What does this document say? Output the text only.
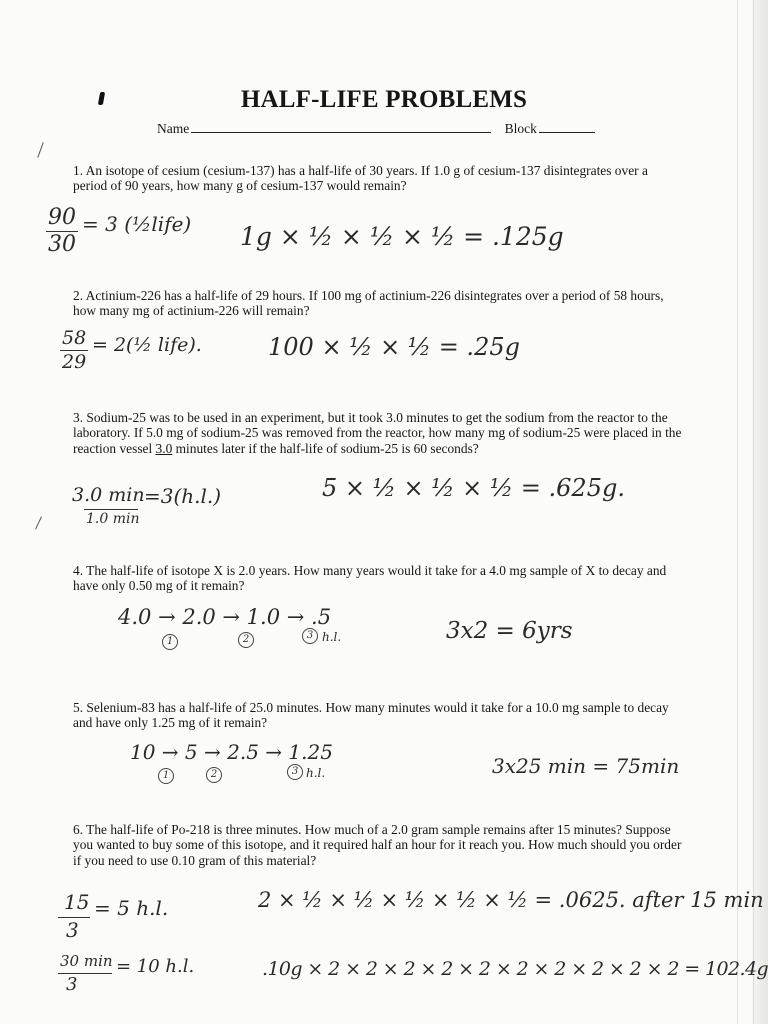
HALF-LIFE PROBLEMS
Name	Block

1. An isotope of cesium (cesium-137) has a half-life of 30 years. If 1.0 g of cesium-137 disintegrates over a period of 90 years, how many g of cesium-137 would remain?

90
30
= 3 (½life) 1g × ½ × ½ × ½ = .125g

2. Actinium-226 has a half-life of 29 hours. If 100 mg of actinium-226 disintegrates over a period of 58 hours, how many mg of actinium-226 will remain?

58
29
= 2(½ life).	100 × ½ × ½ = .25g

3. Sodium-25 was to be used in an experiment, but it took 3.0 minutes to get the sodium from the reactor to the laboratory. If 5.0 mg of sodium-25 was removed from the reactor, how many mg of sodium-25 were placed in the reaction vessel 3.0 minutes later if the half-life of sodium-25 is 60 seconds?

3.0 min
1.0 min
=3(h.l.)	5 × ½ × ½ × ½ = .625g.

4. The half-life of isotope X is 2.0 years. How many years would it take for a 4.0 mg sample of X to decay and have only 0.50 mg of it remain?

4.0 → 2.0 → 1.0 → .5
1	2	3 h.l.	3x2 = 6yrs

5. Selenium-83 has a half-life of 25.0 minutes. How many minutes would it take for a 10.0 mg sample to decay and have only 1.25 mg of it remain?

10 → 5 → 2.5 → 1.25
1	2	3 h.l.	3x25 min = 75min

6. The half-life of Po-218 is three minutes. How much of a 2.0 gram sample remains after 15 minutes? Suppose you wanted to buy some of this isotope, and it required half an hour for it reach you. How much should you order if you need to use 0.10 gram of this material?

15
3
= 5 h.l.	2 × ½ × ½ × ½ × ½ × ½ = .0625. after 15 min
30 min
3
= 10 h.l.	.10g × 2 × 2 × 2 × 2 × 2 × 2 × 2 × 2 × 2 × 2 = 102.4g
